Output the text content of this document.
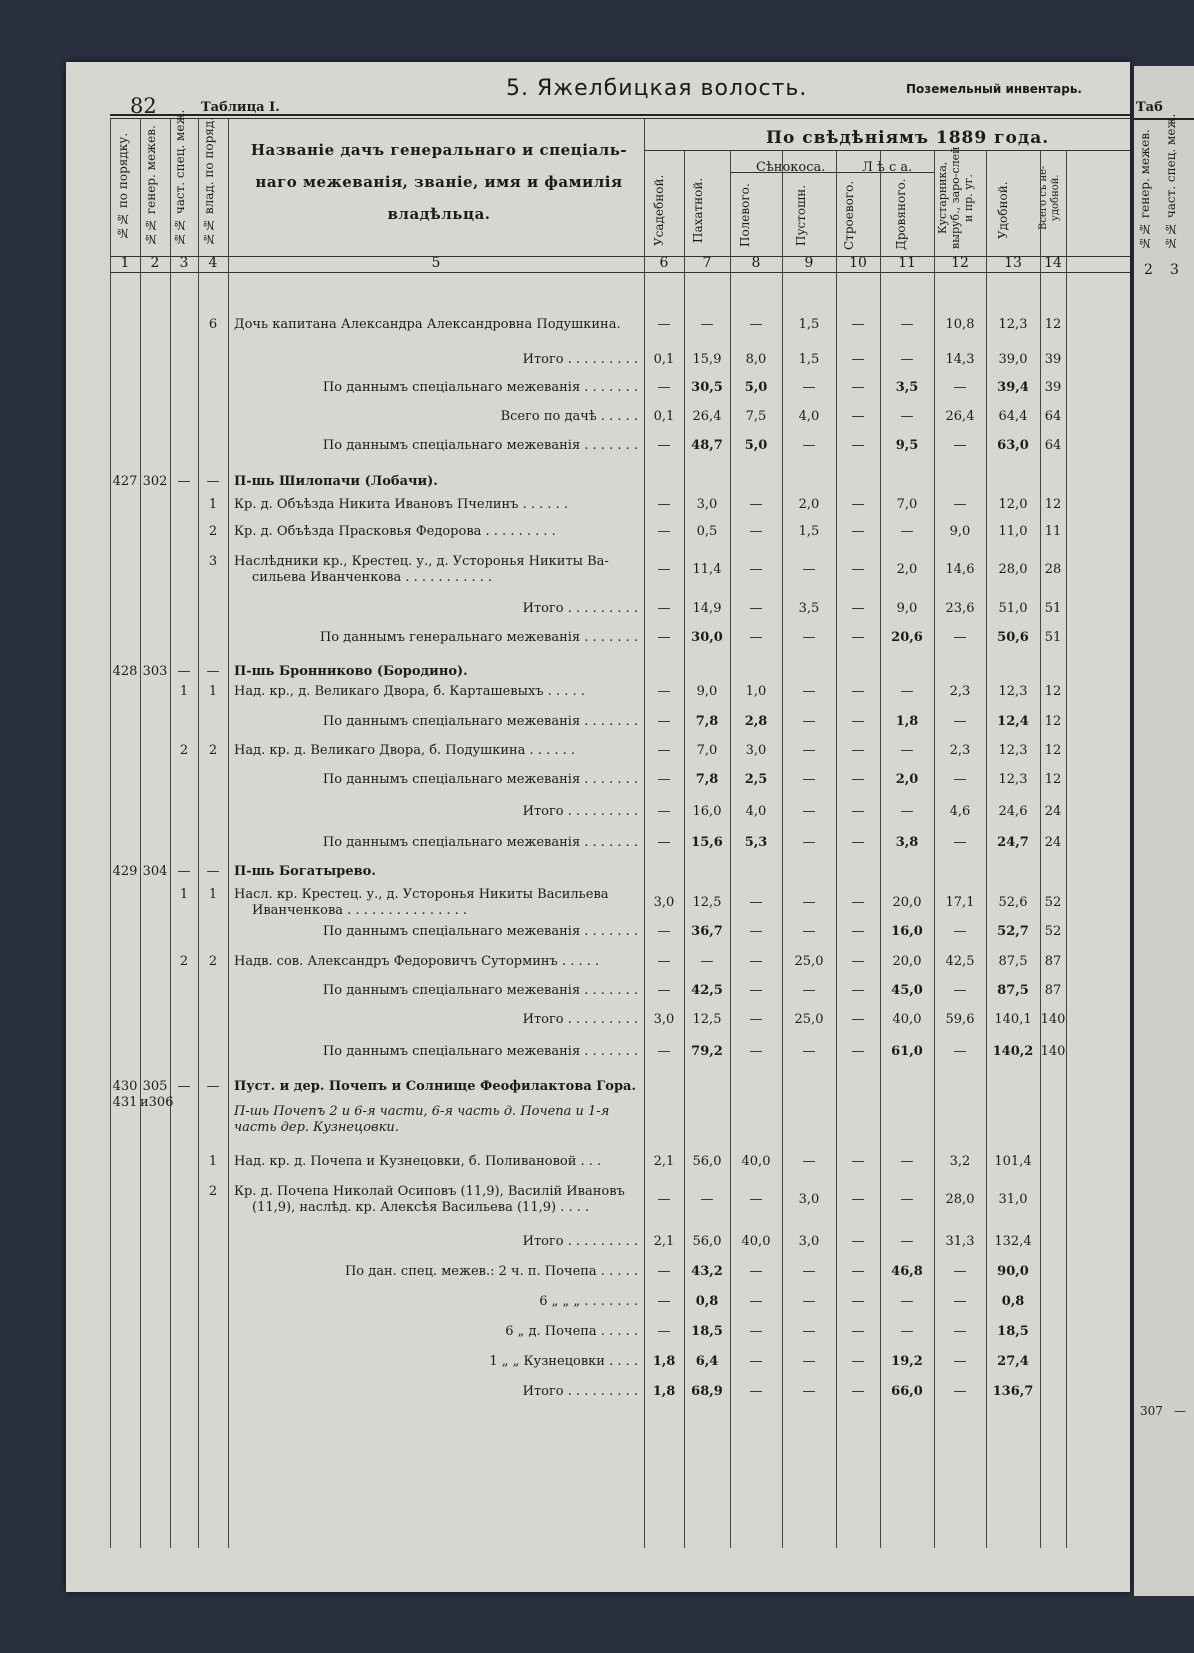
5. Яжелбицкая волость.	Поземельный инвентарь.
82	Таблица I.
№№ по порядку.	№№ генер. межев.	№№ част. спец. меж.	№№ влад. по поряд.	Названіе дачъ генеральнаго и спеціаль-
наго межеванія, званіе, имя и фамилія
владѣльца.
По свѣдѣніямъ 1889 года.
Сѣнокоса.	Л ѣ с а.
Усадебной.	Пахатной.	Полевого.	Пустошн.	Строевого.	Дровяного.	Кустарника, выруб., заро-слей и пр. уг.	Удобной.	Всего съ не-удобной.
1	2	3	4	5	6	7	8	9	10	11	12	13	14
6	Дочь капитана Александра Александровна Подушкина.	—	—	—	1,5	—	—	10,8	12,3	12
Итого . . . . . . . . .	0,1	15,9	8,0	1,5	—	—	14,3	39,0	39
По даннымъ спеціальнаго межеванія . . . . . . .	—	30,5	5,0	—	—	3,5	—	39,4	39
Всего по дачѣ . . . . .	0,1	26,4	7,5	4,0	—	—	26,4	64,4	64
По даннымъ спеціальнаго межеванія . . . . . . .	—	48,7	5,0	—	—	9,5	—	63,0	64
427 302 —	—	П-шь Шилопачи (Лобачи).
1	Кр. д. Объѣзда Никита Ивановъ Пчелинъ . . . . . .	—	3,0	—	2,0	—	7,0	—	12,0	12
2	Кр. д. Объѣзда Прасковья Федорова . . . . . . . . .	—	0,5	—	1,5	—	—	9,0	11,0	11
3	Наслѣдники кр., Крестец. у., д. Усторонья Никиты Ва-
сильева Иванченкова . . . . . . . . . . .
—	11,4	—	—	—	2,0	14,6	28,0	28
Итого . . . . . . . . .	—	14,9	—	3,5	—	9,0	23,6	51,0	51
По даннымъ генеральнаго межеванія . . . . . . .	—	30,0	—	—	—	20,6	—	50,6	51
428 303 —	—	П-шь Бронниково (Бородино).
1	1	Над. кр., д. Великаго Двора, б. Карташевыхъ . . . . .	—	9,0	1,0	—	—	—	2,3	12,3	12
По даннымъ спеціальнаго межеванія . . . . . . .	—	7,8	2,8	—	—	1,8	—	12,4	12
2	2	Над. кр. д. Великаго Двора, б. Подушкина . . . . . .	—	7,0	3,0	—	—	—	2,3	12,3	12
По даннымъ спеціальнаго межеванія . . . . . . .	—	7,8	2,5	—	—	2,0	—	12,3	12
Итого . . . . . . . . .	—	16,0	4,0	—	—	—	4,6	24,6	24
По даннымъ спеціальнаго межеванія . . . . . . .	—	15,6	5,3	—	—	3,8	—	24,7	24
429 304 —	—	П-шь Богатырево.
1	1	Насл. кр. Крестец. у., д. Усторонья Никиты Васильева
Иванченкова . . . . . . . . . . . . . . .
3,0	12,5	—	—	—	20,0	17,1	52,6	52
По даннымъ спеціальнаго межеванія . . . . . . .	—	36,7	—	—	—	16,0	—	52,7	52
2	2	Надв. сов. Александръ Федоровичъ Суторминъ . . . . .	—	—	—	25,0	—	20,0	42,5	87,5	87
По даннымъ спеціальнаго межеванія . . . . . . .	—	42,5	—	—	—	45,0	—	87,5	87
Итого . . . . . . . . .	3,0	12,5	—	25,0	—	40,0	59,6	140,1 140
По даннымъ спеціальнаго межеванія . . . . . . .	—	79,2	—	—	—	61,0	—	140,2 140
430 305 —	—
431 и306
Пуст. и дер. Почепъ и Солнище Феофилактова Гора.
П-шь Почепъ 2 и 6-я части, 6-я часть д. Почепа и 1-я
часть дер. Кузнецовки.
1	Над. кр. д. Почепа и Кузнецовки, б. Поливановой . . .	2,1	56,0	40,0	—	—	—	3,2	101,4
2	Кр. д. Почепа Николай Осиповъ (11,9), Василій Ивановъ
(11,9), наслѣд. кр. Алексѣя Васильева (11,9) . . . .
—	—	—	3,0	—	—	28,0	31,0
Итого . . . . . . . . .	2,1	56,0	40,0	3,0	—	—	31,3	132,4
По дан. спец. межев.: 2 ч. п. Почепа . . . . .	—	43,2	—	—	—	46,8	—	90,0
6 „ „ „ . . . . . . .	—	0,8	—	—	—	—	—	0,8
6 „ д. Почепа . . . . .	—	18,5	—	—	—	—	—	18,5
1 „ „ Кузнецовки . . . .	1,8	6,4	—	—	—	19,2	—	27,4
Итого . . . . . . . . .	1,8	68,9	—	—	—	66,0	—	136,7
Таб
№№ генер. межев.	№№ част. спец. меж.
2 3
307 —
